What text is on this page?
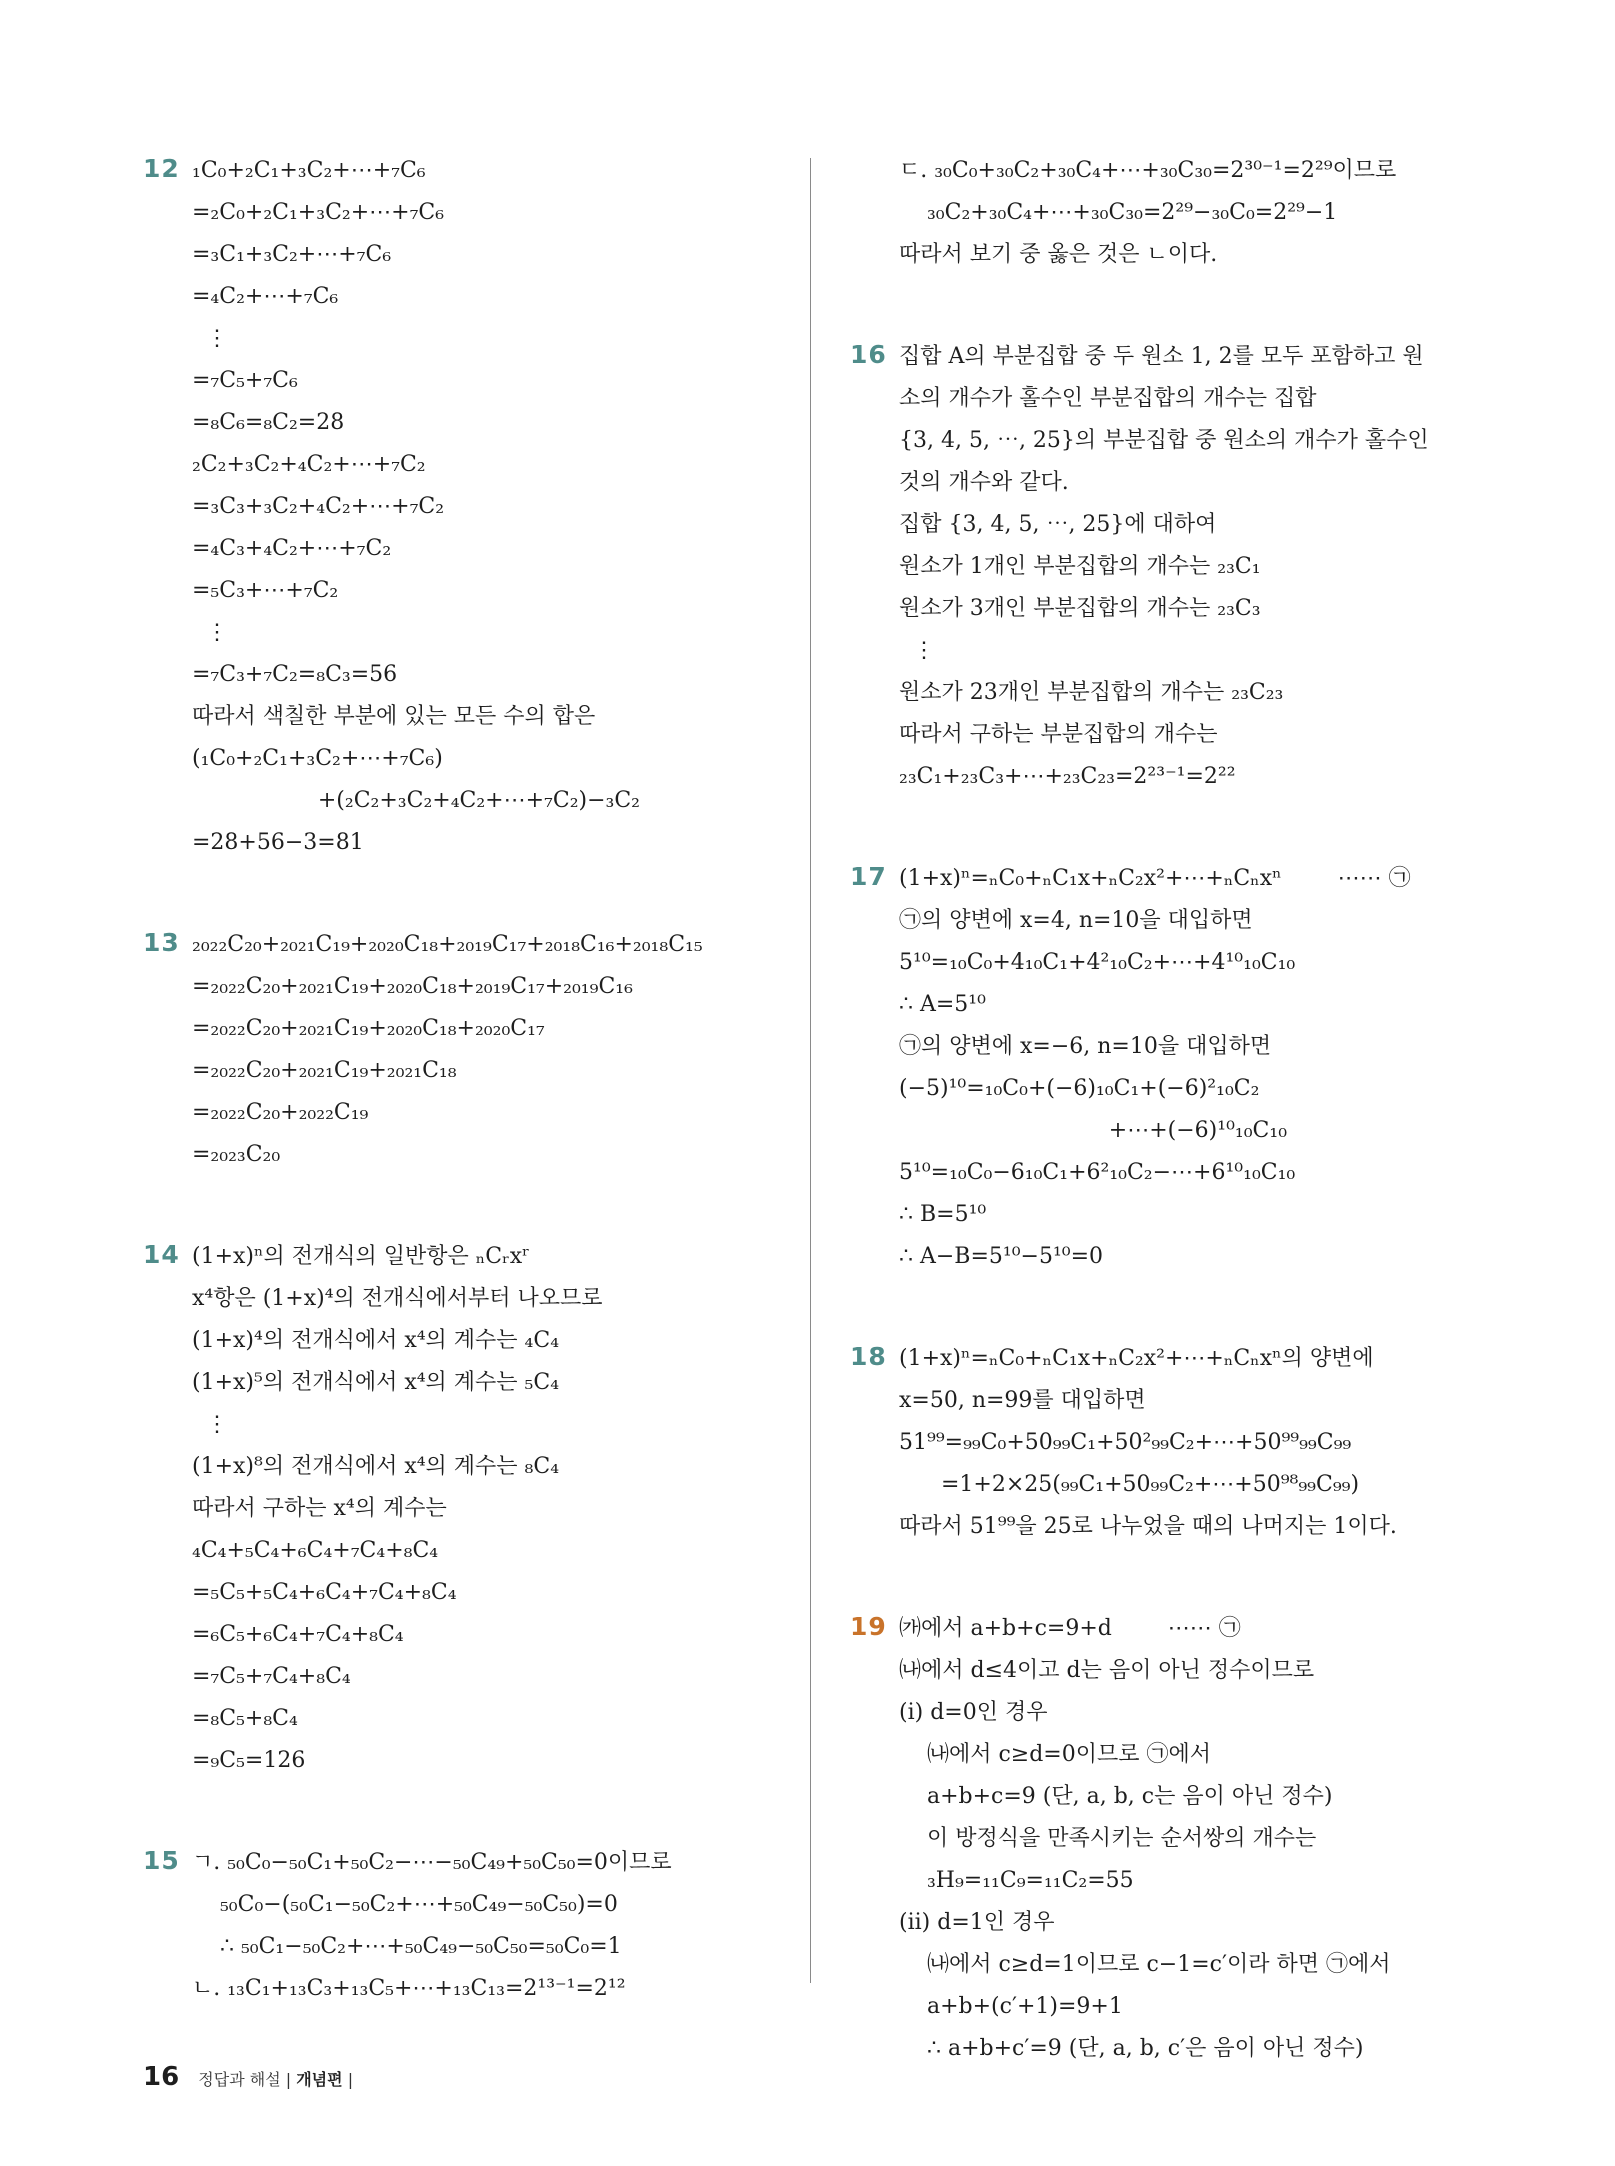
12 ₁C₀+₂C₁+₃C₂+⋯+₇C₆
=₂C₀+₂C₁+₃C₂+⋯+₇C₆
=₃C₁+₃C₂+⋯+₇C₆
=₄C₂+⋯+₇C₆
⋮
=₇C₅+₇C₆
=₈C₆=₈C₂=28
₂C₂+₃C₂+₄C₂+⋯+₇C₂
=₃C₃+₃C₂+₄C₂+⋯+₇C₂
=₄C₃+₄C₂+⋯+₇C₂
=₅C₃+⋯+₇C₂
⋮
=₇C₃+₇C₂=₈C₃=56
따라서 색칠한 부분에 있는 모든 수의 합은
(₁C₀+₂C₁+₃C₂+⋯+₇C₆)
+(₂C₂+₃C₂+₄C₂+⋯+₇C₂)−₃C₂
=28+56−3=81
13 ₂₀₂₂C₂₀+₂₀₂₁C₁₉+₂₀₂₀C₁₈+₂₀₁₉C₁₇+₂₀₁₈C₁₆+₂₀₁₈C₁₅
=₂₀₂₂C₂₀+₂₀₂₁C₁₉+₂₀₂₀C₁₈+₂₀₁₉C₁₇+₂₀₁₉C₁₆
=₂₀₂₂C₂₀+₂₀₂₁C₁₉+₂₀₂₀C₁₈+₂₀₂₀C₁₇
=₂₀₂₂C₂₀+₂₀₂₁C₁₉+₂₀₂₁C₁₈
=₂₀₂₂C₂₀+₂₀₂₂C₁₉
=₂₀₂₃C₂₀
14 (1+x)ⁿ의 전개식의 일반항은 ₙCᵣxʳ
x⁴항은 (1+x)⁴의 전개식에서부터 나오므로
(1+x)⁴의 전개식에서 x⁴의 계수는 ₄C₄
(1+x)⁵의 전개식에서 x⁴의 계수는 ₅C₄
⋮
(1+x)⁸의 전개식에서 x⁴의 계수는 ₈C₄
따라서 구하는 x⁴의 계수는
₄C₄+₅C₄+₆C₄+₇C₄+₈C₄
=₅C₅+₅C₄+₆C₄+₇C₄+₈C₄
=₆C₅+₆C₄+₇C₄+₈C₄
=₇C₅+₇C₄+₈C₄
=₈C₅+₈C₄
=₉C₅=126
15 ㄱ. ₅₀C₀−₅₀C₁+₅₀C₂−⋯−₅₀C₄₉+₅₀C₅₀=0이므로
₅₀C₀−(₅₀C₁−₅₀C₂+⋯+₅₀C₄₉−₅₀C₅₀)=0
∴ ₅₀C₁−₅₀C₂+⋯+₅₀C₄₉−₅₀C₅₀=₅₀C₀=1
ㄴ. ₁₃C₁+₁₃C₃+₁₃C₅+⋯+₁₃C₁₃=2¹³⁻¹=2¹²
ㄷ. ₃₀C₀+₃₀C₂+₃₀C₄+⋯+₃₀C₃₀=2³⁰⁻¹=2²⁹이므로
₃₀C₂+₃₀C₄+⋯+₃₀C₃₀=2²⁹−₃₀C₀=2²⁹−1
따라서 보기 중 옳은 것은 ㄴ이다.
16 집합 A의 부분집합 중 두 원소 1, 2를 모두 포함하고 원
소의 개수가 홀수인 부분집합의 개수는 집합
{3, 4, 5, ⋯, 25}의 부분집합 중 원소의 개수가 홀수인
것의 개수와 같다.
집합 {3, 4, 5, ⋯, 25}에 대하여
원소가 1개인 부분집합의 개수는 ₂₃C₁
원소가 3개인 부분집합의 개수는 ₂₃C₃
⋮
원소가 23개인 부분집합의 개수는 ₂₃C₂₃
따라서 구하는 부분집합의 개수는
₂₃C₁+₂₃C₃+⋯+₂₃C₂₃=2²³⁻¹=2²²
17 (1+x)ⁿ=ₙC₀+ₙC₁x+ₙC₂x²+⋯+ₙCₙxⁿ        ⋯⋯ ㉠
㉠의 양변에 x=4, n=10을 대입하면
5¹⁰=₁₀C₀+4₁₀C₁+4²₁₀C₂+⋯+4¹⁰₁₀C₁₀
∴ A=5¹⁰
㉠의 양변에 x=−6, n=10을 대입하면
(−5)¹⁰=₁₀C₀+(−6)₁₀C₁+(−6)²₁₀C₂
+⋯+(−6)¹⁰₁₀C₁₀
5¹⁰=₁₀C₀−6₁₀C₁+6²₁₀C₂−⋯+6¹⁰₁₀C₁₀
∴ B=5¹⁰
∴ A−B=5¹⁰−5¹⁰=0
18 (1+x)ⁿ=ₙC₀+ₙC₁x+ₙC₂x²+⋯+ₙCₙxⁿ의 양변에
x=50, n=99를 대입하면
51⁹⁹=₉₉C₀+50₉₉C₁+50²₉₉C₂+⋯+50⁹⁹₉₉C₉₉
=1+2×25(₉₉C₁+50₉₉C₂+⋯+50⁹⁸₉₉C₉₉)
따라서 51⁹⁹을 25로 나누었을 때의 나머지는 1이다.
19 ㈎에서 a+b+c=9+d        ⋯⋯ ㉠
㈏에서 d≤4이고 d는 음이 아닌 정수이므로
(ⅰ) d=0인 경우
㈏에서 c≥d=0이므로 ㉠에서
a+b+c=9 (단, a, b, c는 음이 아닌 정수)
이 방정식을 만족시키는 순서쌍의 개수는
₃H₉=₁₁C₉=₁₁C₂=55
(ⅱ) d=1인 경우
㈏에서 c≥d=1이므로 c−1=c′이라 하면 ㉠에서
a+b+(c′+1)=9+1
∴ a+b+c′=9 (단, a, b, c′은 음이 아닌 정수)
16 정답과 해설 | 개념편 |
